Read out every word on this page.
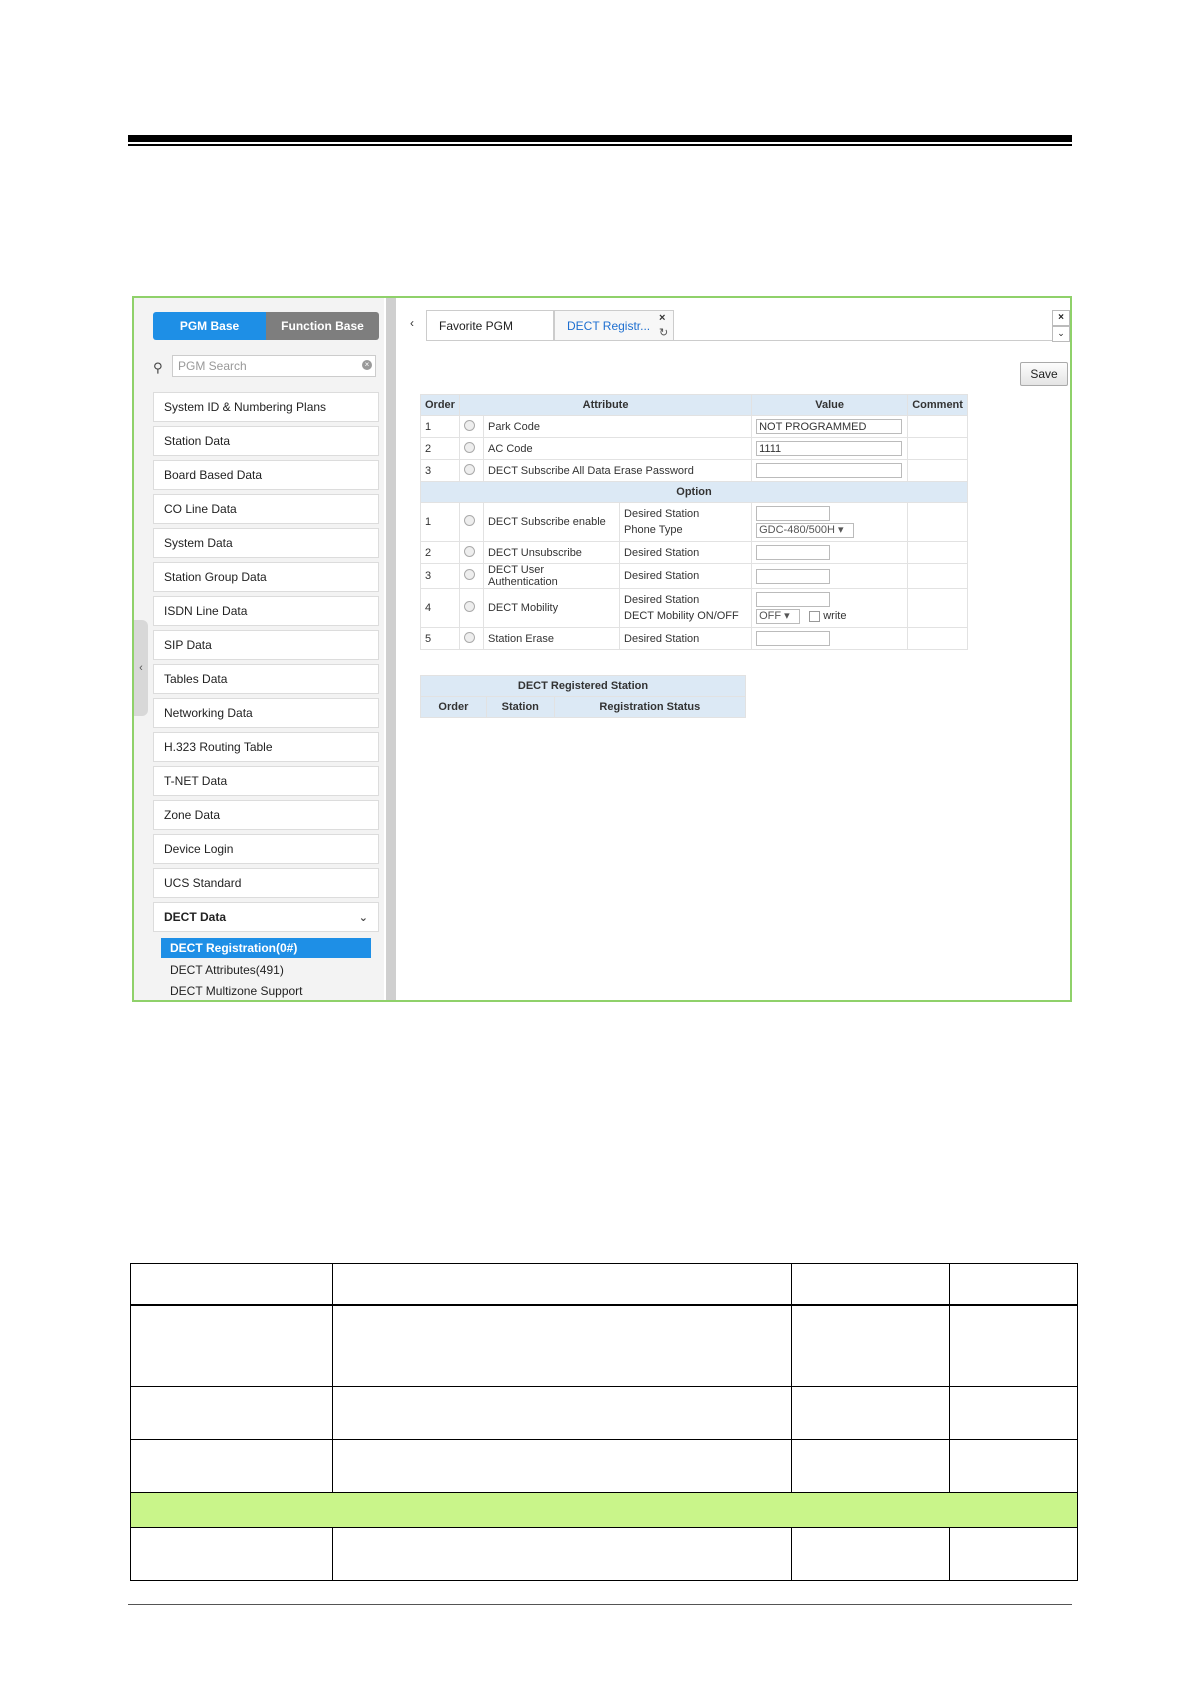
PGM Base	Function Base
⚲	PGM Search	×
System ID & Numbering Plans
Station Data
Board Based Data
CO Line Data
System Data
Station Group Data
ISDN Line Data
SIP Data
Tables Data
Networking Data
H.323 Routing Table
T-NET Data
Zone Data
Device Login
UCS Standard
DECT Data	⌄
DECT Registration(0#)
DECT Attributes(491)
DECT Multizone Support
‹
‹	Favorite PGM	DECT Registr...
×
↻
×
⌄
Save
Order	Attribute			Value	Comment
1		Park Code		NOT PROGRAMMED	
2		AC Code		1111	
3		DECT Subscribe All Data Erase Password			
Option					
1		DECT Subscribe enable	Desired Station
Phone Type	GDC-480/500H ▾	

2		DECT Unsubscribe	Desired Station		
3		DECT User Authentication	Desired Station		
4		DECT Mobility	Desired Station
DECT Mobility ON/OFF	OFF ▾ write	

5		Station Erase	Desired Station		
DECT Registered Station
Order	Station	Registration Status
